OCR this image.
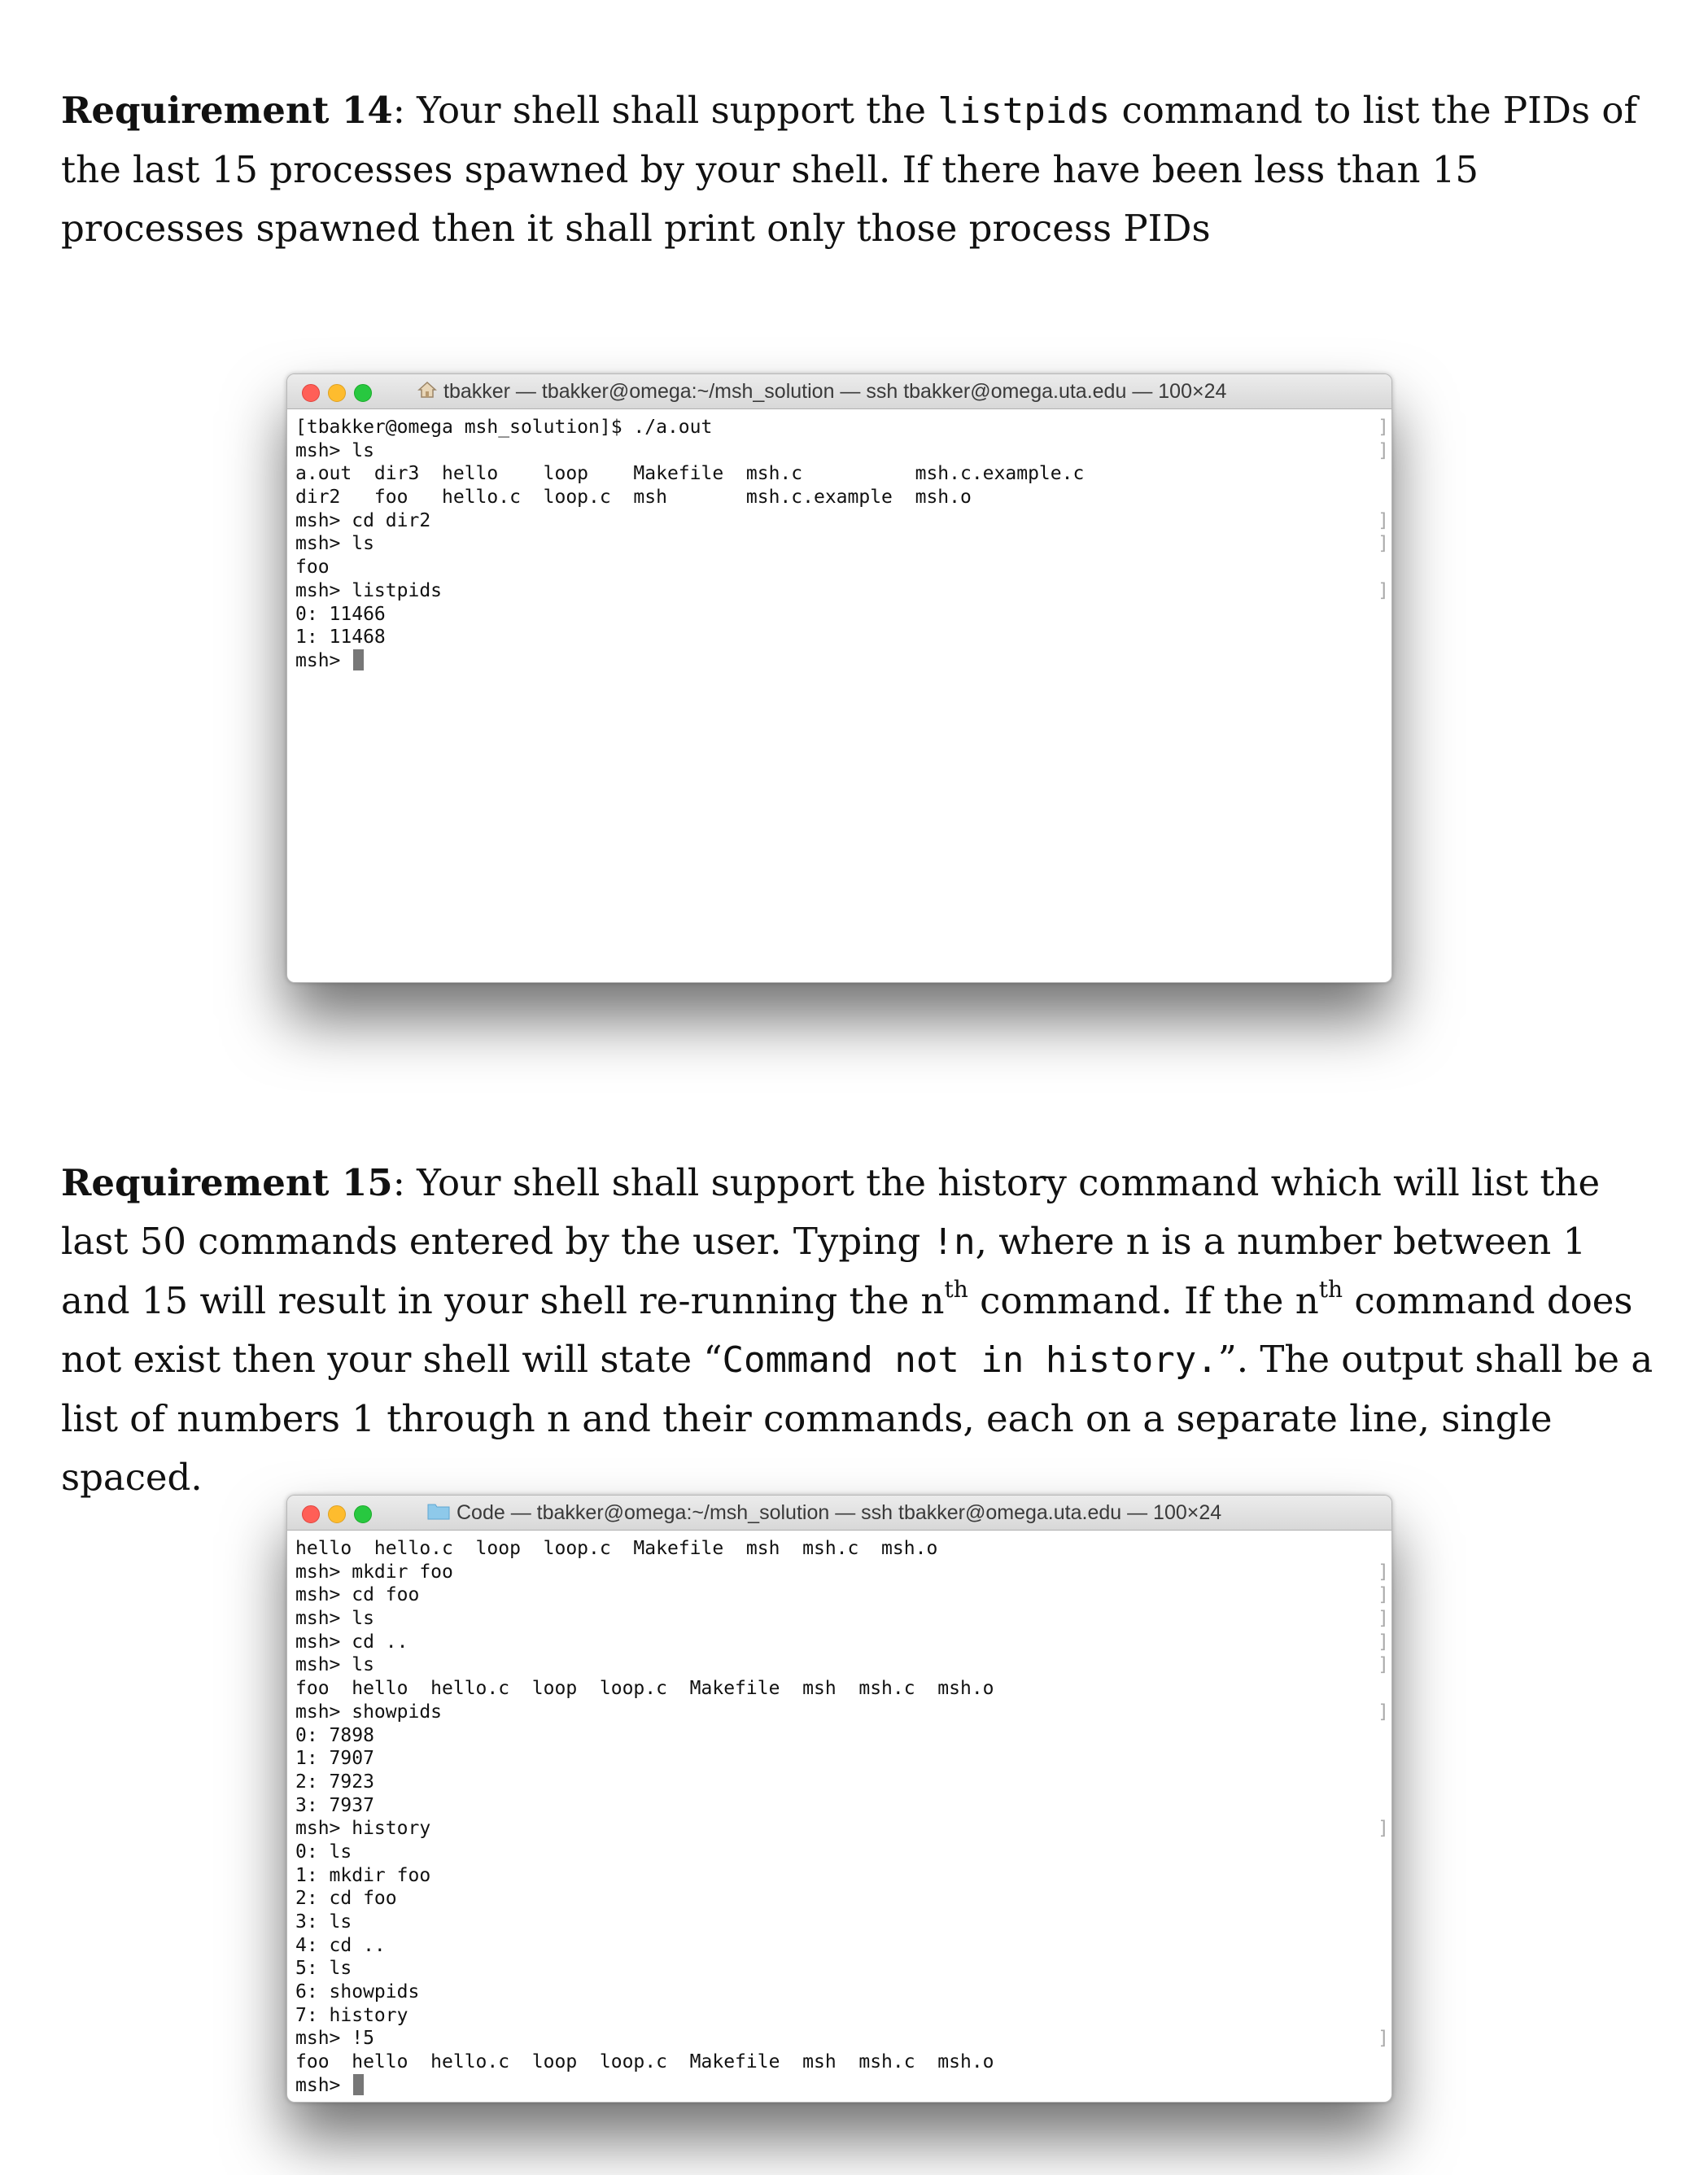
Requirement 14: Your shell shall support the listpids command to list the PIDs of the last 15 processes spawned by your shell. If there have been less than 15 processes spawned then it shall print only those process PIDs

tbakker — tbakker@omega:~/msh_solution — ssh tbakker@omega.uta.edu — 100×24
[tbakker@omega msh_solution]$ ./a.out	]
msh> ls	]
a.out  dir3  hello    loop    Makefile  msh.c          msh.c.example.c
dir2   foo   hello.c  loop.c  msh       msh.c.example  msh.o
msh> cd dir2	]
msh> ls	]
foo
msh> listpids	]
0: 11466
1: 11468
msh>

Requirement 15: Your shell shall support the history command which will list the last 50 commands entered by the user. Typing !n, where n is a number between 1 and 15 will result in your shell re-running the $n^{th}$ command. If the $n^{th}$ command does not exist then your shell will state “Command not in history.”. The output shall be a list of numbers 1 through n and their commands, each on a separate line, single spaced.

Code — tbakker@omega:~/msh_solution — ssh tbakker@omega.uta.edu — 100×24
hello  hello.c  loop  loop.c  Makefile  msh  msh.c  msh.o
msh> mkdir foo	]
msh> cd foo	]
msh> ls	]
msh> cd ..	]
msh> ls	]
foo  hello  hello.c  loop  loop.c  Makefile  msh  msh.c  msh.o
msh> showpids	]
0: 7898
1: 7907
2: 7923
3: 7937
msh> history	]
0: ls
1: mkdir foo
2: cd foo
3: ls
4: cd ..
5: ls
6: showpids
7: history
msh> !5	]
foo  hello  hello.c  loop  loop.c  Makefile  msh  msh.c  msh.o
msh>
